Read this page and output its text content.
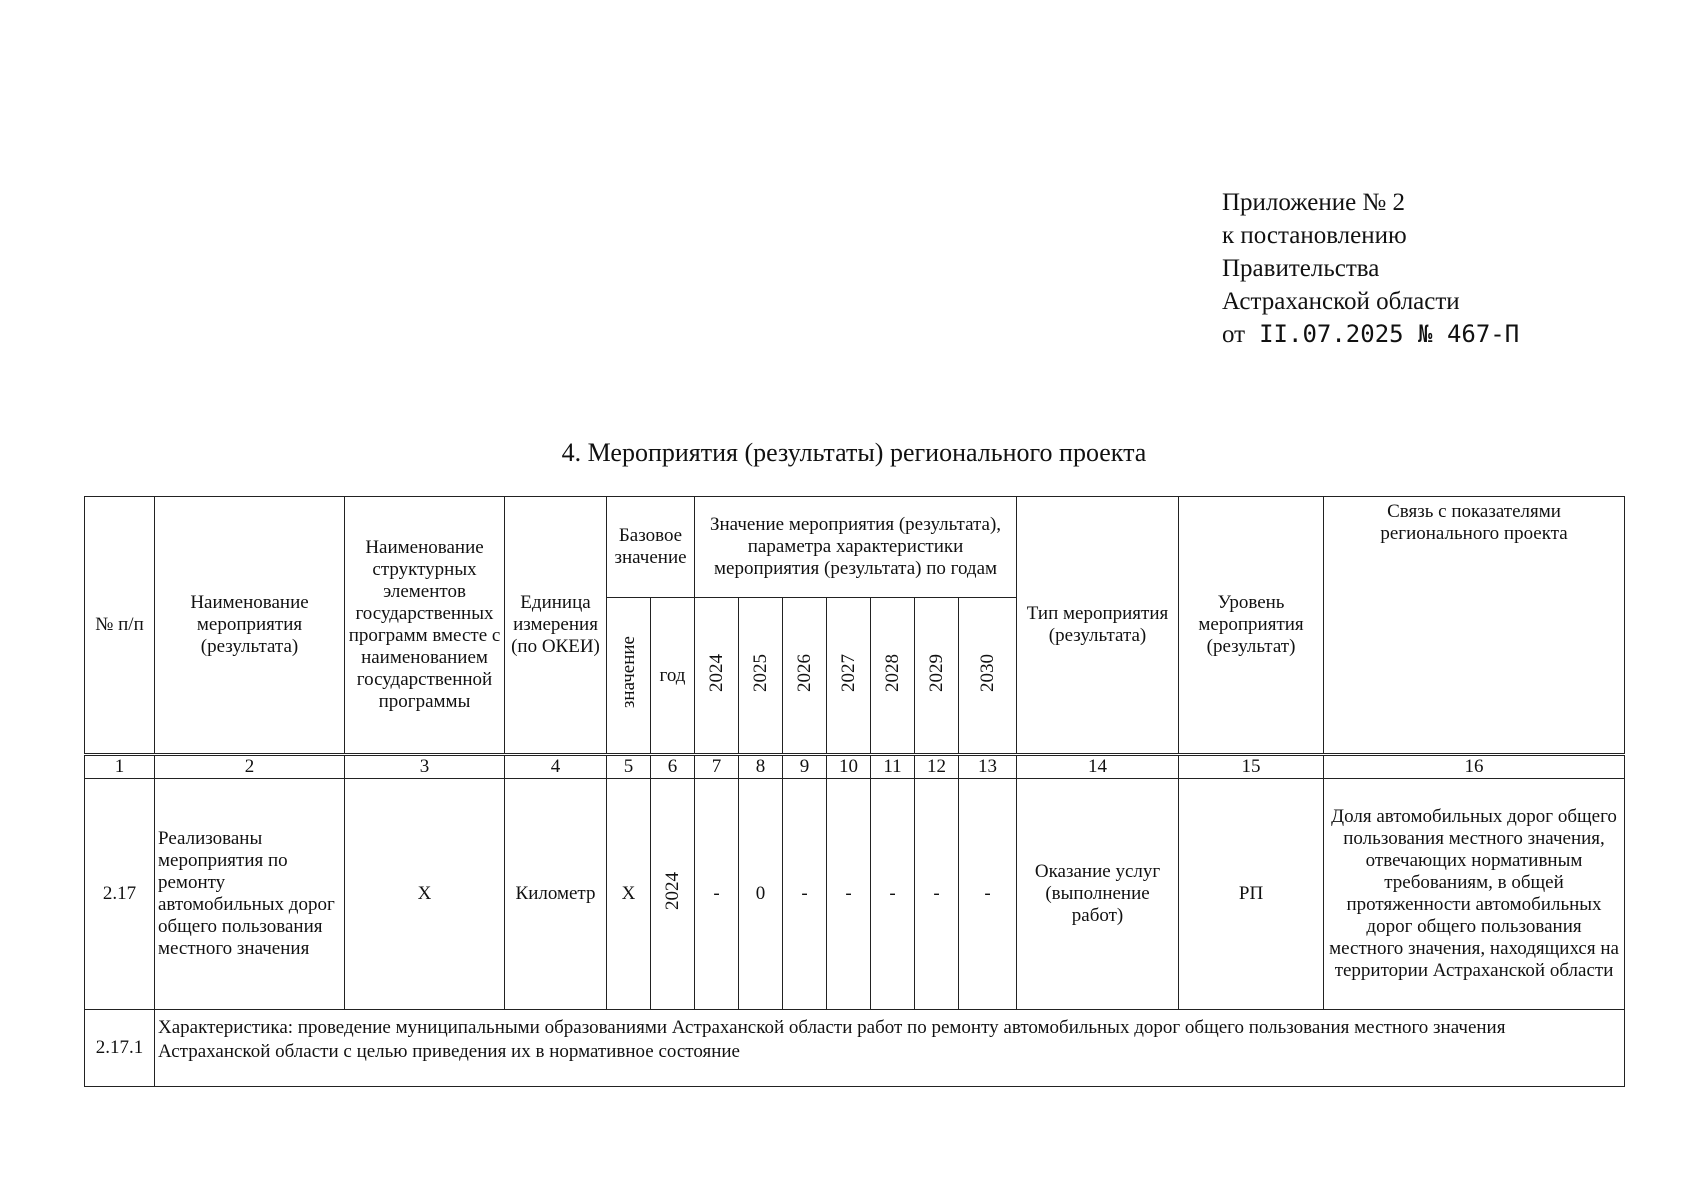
Приложение № 2
к постановлению
Правительства
Астраханской области
от II.07.2025 № 467-П
4. Мероприятия (результаты) регионального проекта
№ п/п	Наименование мероприятия (результата)	Наименование структурных элементов государственных программ вместе с наименованием государственной программы	Единица измерения (по ОКЕИ)	Базовое значение		Значение мероприятия (результата), параметра характеристики мероприятия (результата) по годам							Тип мероприятия (результата)	Уровень мероприятия (результат)	Связь с показателями регионального проекта
				значение	год	2024	2025	2026	2027	2028	2029	2030			
1	2	3	4	5	6	7	8	9	10	11	12	13	14	15	16
2.17	Реализованы мероприятия по ремонту автомобильных дорог общего пользования местного значения	X	Километр	X	2024	-	0	-	-	-	-	-	Оказание услуг (выполнение работ)	РП	Доля автомобильных дорог общего пользования местного значения, отвечающих нормативным требованиям, в общей протяженности автомобильных дорог общего пользования местного значения, находящихся на территории Астраханской области
2.17.1	Характеристика: проведение муниципальными образованиями Астраханской области работ по ремонту автомобильных дорог общего пользования местного значения Астраханской области с целью приведения их в нормативное состояние														
